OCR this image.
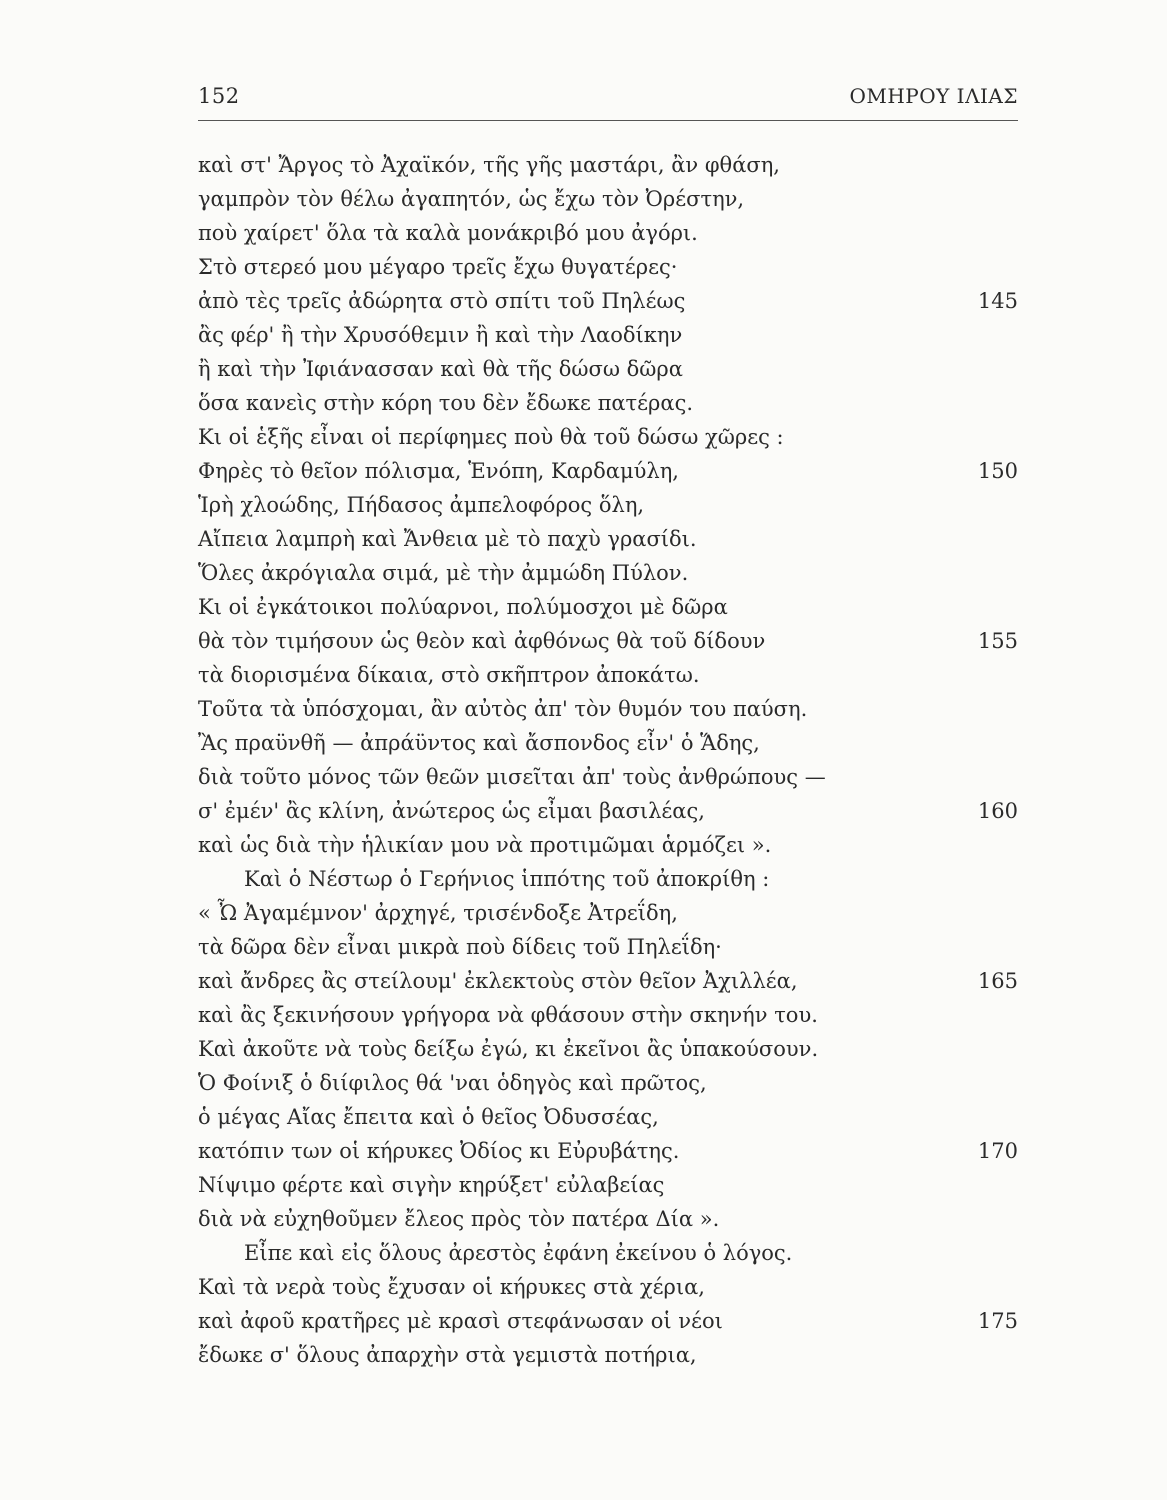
152	ΟΜΗΡΟΥ ΙΛΙΑΣ
καὶ στ' Ἄργος τὸ Ἀχαϊκόν, τῆς γῆς μαστάρι, ἂν φθάση,
γαμπρὸν τὸν θέλω ἀγαπητόν, ὡς ἔχω τὸν Ὀρέστην,
ποὺ χαίρετ' ὅλα τὰ καλὰ μονάκριβό μου ἀγόρι.
Στὸ στερεό μου μέγαρο τρεῖς ἔχω θυγατέρες·
ἀπὸ τὲς τρεῖς ἀδώρητα στὸ σπίτι τοῦ Πηλέως	145
ἂς φέρ' ἢ τὴν Χρυσόθεμιν ἢ καὶ τὴν Λαοδίκην
ἢ καὶ τὴν Ἰφιάνασσαν καὶ θὰ τῆς δώσω δῶρα
ὅσα κανεὶς στὴν κόρη του δὲν ἔδωκε πατέρας.
Κι οἱ ἑξῆς εἶναι οἱ περίφημες ποὺ θὰ τοῦ δώσω χῶρες :
Φηρὲς τὸ θεῖον πόλισμα, Ἑνόπη, Καρδαμύλη,	150
Ἱρὴ χλοώδης, Πήδασος ἀμπελοφόρος ὅλη,
Αἴπεια λαμπρὴ καὶ Ἄνθεια μὲ τὸ παχὺ γρασίδι.
Ὅλες ἀκρόγιαλα σιμά, μὲ τὴν ἀμμώδη Πύλον.
Κι οἱ ἐγκάτοικοι πολύαρνοι, πολύμοσχοι μὲ δῶρα
θὰ τὸν τιμήσουν ὡς θεὸν καὶ ἀφθόνως θὰ τοῦ δίδουν	155
τὰ διορισμένα δίκαια, στὸ σκῆπτρον ἀποκάτω.
Τοῦτα τὰ ὑπόσχομαι, ἂν αὐτὸς ἀπ' τὸν θυμόν του παύση.
Ἂς πραϋνθῆ — ἀπράϋντος καὶ ἄσπονδος εἶν' ὁ Ἅδης,
διὰ τοῦτο μόνος τῶν θεῶν μισεῖται ἀπ' τοὺς ἀνθρώπους —
σ' ἐμέν' ἂς κλίνη, ἀνώτερος ὡς εἶμαι βασιλέας,	160
καὶ ὡς διὰ τὴν ἡλικίαν μου νὰ προτιμῶμαι ἁρμόζει ».
Καὶ ὁ Νέστωρ ὁ Γερήνιος ἱππότης τοῦ ἀποκρίθη :
« Ὦ Ἀγαμέμνον' ἀρχηγέ, τρισένδοξε Ἀτρεΐδη,
τὰ δῶρα δὲν εἶναι μικρὰ ποὺ δίδεις τοῦ Πηλεΐδη·
καὶ ἄνδρες ἂς στείλουμ' ἐκλεκτοὺς στὸν θεῖον Ἀχιλλέα,	165
καὶ ἂς ξεκινήσουν γρήγορα νὰ φθάσουν στὴν σκηνήν του.
Καὶ ἀκοῦτε νὰ τοὺς δείξω ἐγώ, κι ἐκεῖνοι ἂς ὑπακούσουν.
Ὁ Φοίνιξ ὁ διίφιλος θά 'ναι ὁδηγὸς καὶ πρῶτος,
ὁ μέγας Αἴας ἔπειτα καὶ ὁ θεῖος Ὀδυσσέας,
κατόπιν των οἱ κήρυκες Ὀδίος κι Εὐρυβάτης.	170
Νίψιμο φέρτε καὶ σιγὴν κηρύξετ' εὐλαβείας
διὰ νὰ εὐχηθοῦμεν ἔλεος πρὸς τὸν πατέρα Δία ».
Εἶπε καὶ εἰς ὅλους ἀρεστὸς ἐφάνη ἐκείνου ὁ λόγος.
Καὶ τὰ νερὰ τοὺς ἔχυσαν οἱ κήρυκες στὰ χέρια,
καὶ ἀφοῦ κρατῆρες μὲ κρασὶ στεφάνωσαν οἱ νέοι	175
ἔδωκε σ' ὅλους ἀπαρχὴν στὰ γεμιστὰ ποτήρια,
